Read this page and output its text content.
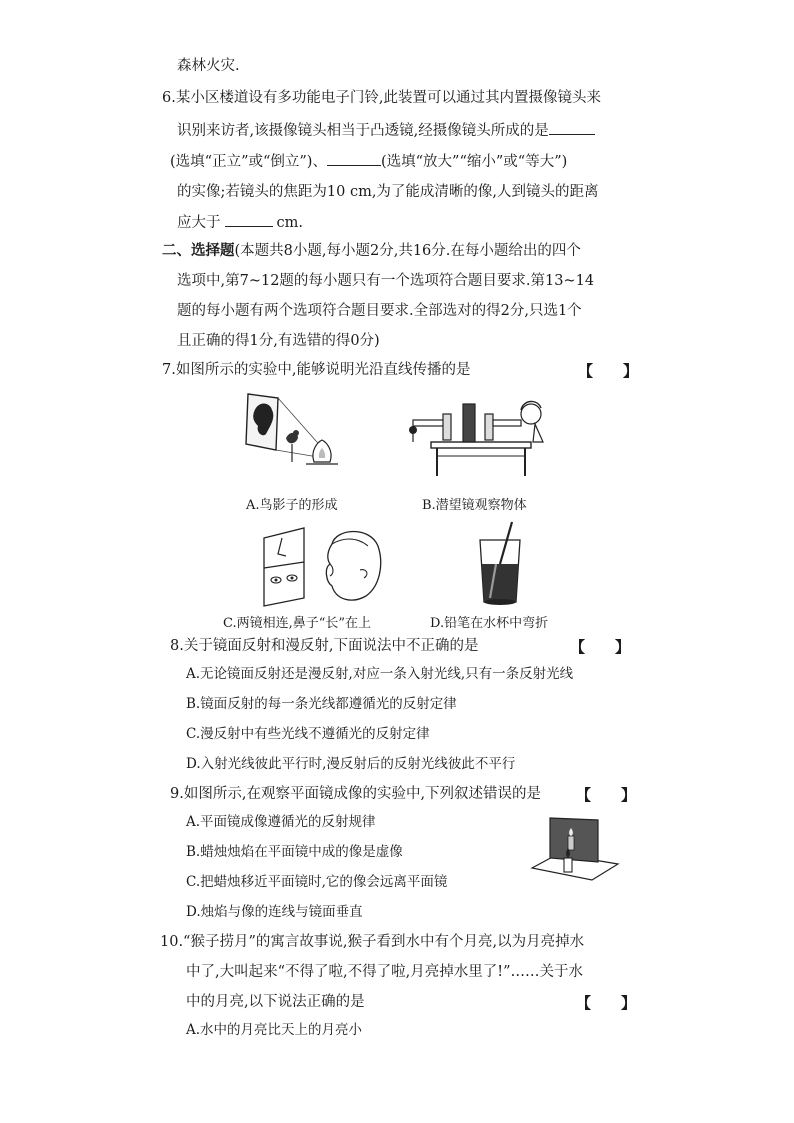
森林火灾.
6.某小区楼道设有多功能电子门铃,此装置可以通过其内置摄像镜头来
识别来访者,该摄像镜头相当于凸透镜,经摄像镜头所成的是
(选填“正立”或“倒立”)、	(选填“放大”“缩小”或“等大”)
的实像;若镜头的焦距为10 cm,为了能成清晰的像,人到镜头的距离
应大于	cm.
二、选择题(本题共8小题,每小题2分,共16分.在每小题给出的四个
选项中,第7~12题的每小题只有一个选项符合题目要求.第13~14
题的每小题有两个选项符合题目要求.全部选对的得2分,只选1个
且正确的得1分,有选错的得0分)
7.如图所示的实验中,能够说明光沿直线传播的是	【　　】
A.鸟影子的形成	B.潜望镜观察物体
C.两镜相连,鼻子“长”在上	D.铅笔在水杯中弯折
8.关于镜面反射和漫反射,下面说法中不正确的是	【　　】
A.无论镜面反射还是漫反射,对应一条入射光线,只有一条反射光线
B.镜面反射的每一条光线都遵循光的反射定律
C.漫反射中有些光线不遵循光的反射定律
D.入射光线彼此平行时,漫反射后的反射光线彼此不平行
9.如图所示,在观察平面镜成像的实验中,下列叙述错误的是 【　　】
A.平面镜成像遵循光的反射规律
B.蜡烛烛焰在平面镜中成的像是虚像
C.把蜡烛移近平面镜时,它的像会远离平面镜
D.烛焰与像的连线与镜面垂直
10.“猴子捞月”的寓言故事说,猴子看到水中有个月亮,以为月亮掉水
中了,大叫起来“不得了啦,不得了啦,月亮掉水里了!”……关于水
中的月亮,以下说法正确的是	【　　】
A.水中的月亮比天上的月亮小
